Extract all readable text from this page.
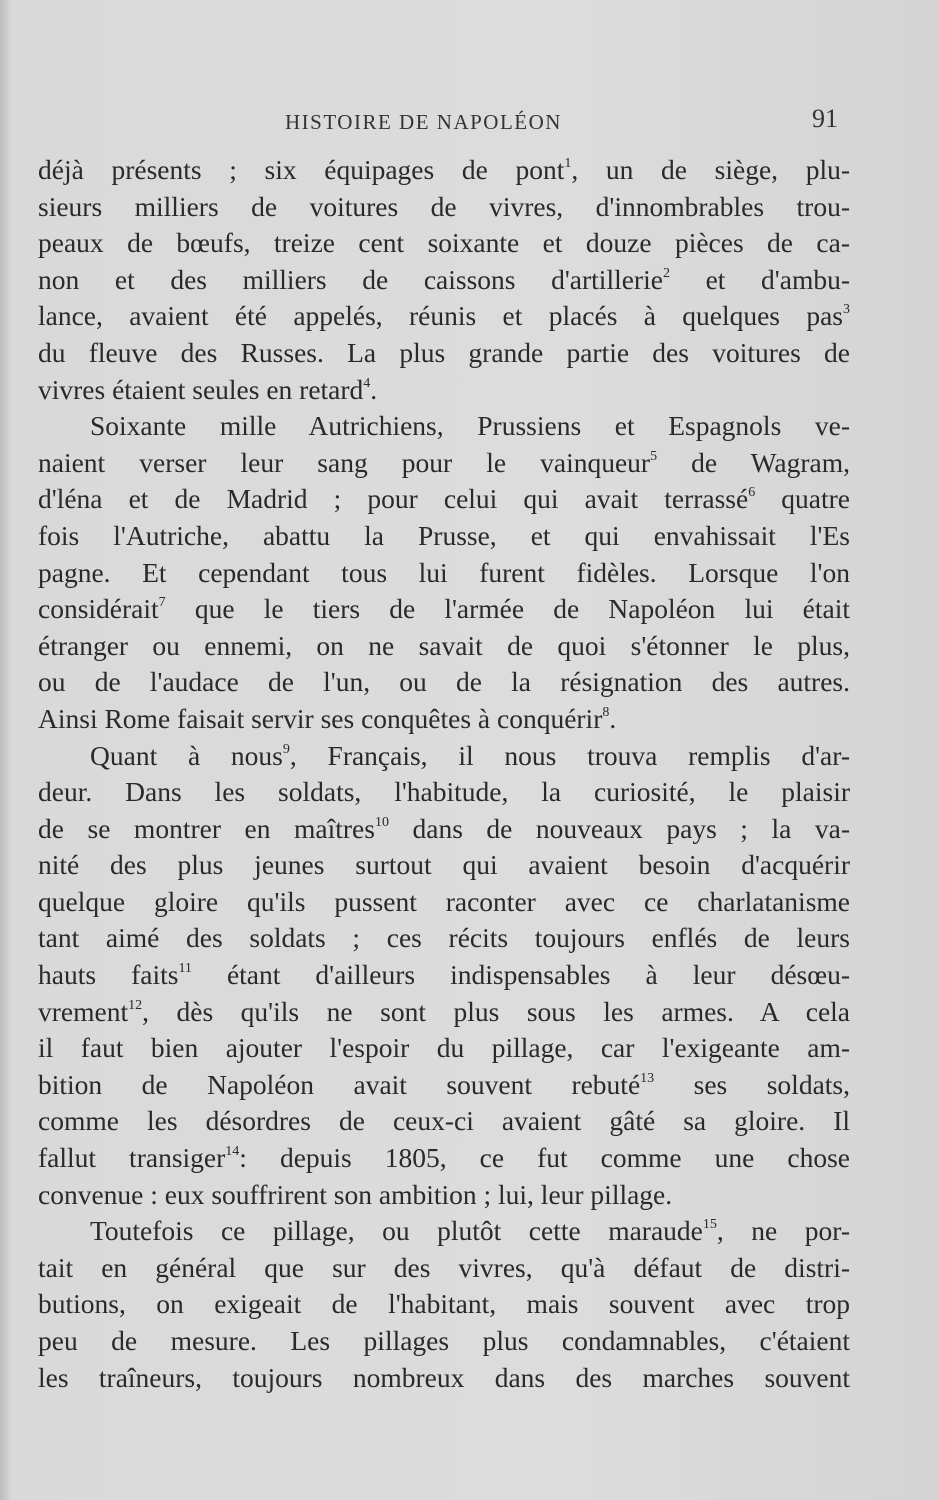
HISTOIRE DE NAPOLÉON	91
déjà présents ; six équipages de pont$^1$, un de siège, plu-
sieurs milliers de voitures de vivres, d'innombrables trou-
peaux de bœufs, treize cent soixante et douze pièces de ca-
non et des milliers de caissons d'artillerie$^2$ et d'ambu-
lance, avaient été appelés, réunis et placés à quelques pas$^3$
du fleuve des Russes. La plus grande partie des voitures de
vivres étaient seules en retard$^4$.
Soixante mille Autrichiens, Prussiens et Espagnols ve-
naient verser leur sang pour le vainqueur$^5$ de Wagram,
d'léna et de Madrid ; pour celui qui avait terrassé$^6$ quatre
fois l'Autriche, abattu la Prusse, et qui envahissait l'Es
pagne. Et cependant tous lui furent fidèles. Lorsque l'on
considérait$^7$ que le tiers de l'armée de Napoléon lui était
étranger ou ennemi, on ne savait de quoi s'étonner le plus,
ou de l'audace de l'un, ou de la résignation des autres.
Ainsi Rome faisait servir ses conquêtes à conquérir$^8$.
Quant à nous$^9$, Français, il nous trouva remplis d'ar-
deur. Dans les soldats, l'habitude, la curiosité, le plaisir
de se montrer en maîtres$^{10}$ dans de nouveaux pays ; la va-
nité des plus jeunes surtout qui avaient besoin d'acquérir
quelque gloire qu'ils pussent raconter avec ce charlatanisme
tant aimé des soldats ; ces récits toujours enflés de leurs
hauts faits$^{11}$ étant d'ailleurs indispensables à leur désœu-
vrement$^{12}$, dès qu'ils ne sont plus sous les armes. A cela
il faut bien ajouter l'espoir du pillage, car l'exigeante am-
bition de Napoléon avait souvent rebuté$^{13}$ ses soldats,
comme les désordres de ceux-ci avaient gâté sa gloire. Il
fallut transiger$^{14}$: depuis 1805, ce fut comme une chose
convenue : eux souffrirent son ambition ; lui, leur pillage.
Toutefois ce pillage, ou plutôt cette maraude$^{15}$, ne por-
tait en général que sur des vivres, qu'à défaut de distri-
butions, on exigeait de l'habitant, mais souvent avec trop
peu de mesure. Les pillages plus condamnables, c'étaient
les traîneurs, toujours nombreux dans des marches souvent
